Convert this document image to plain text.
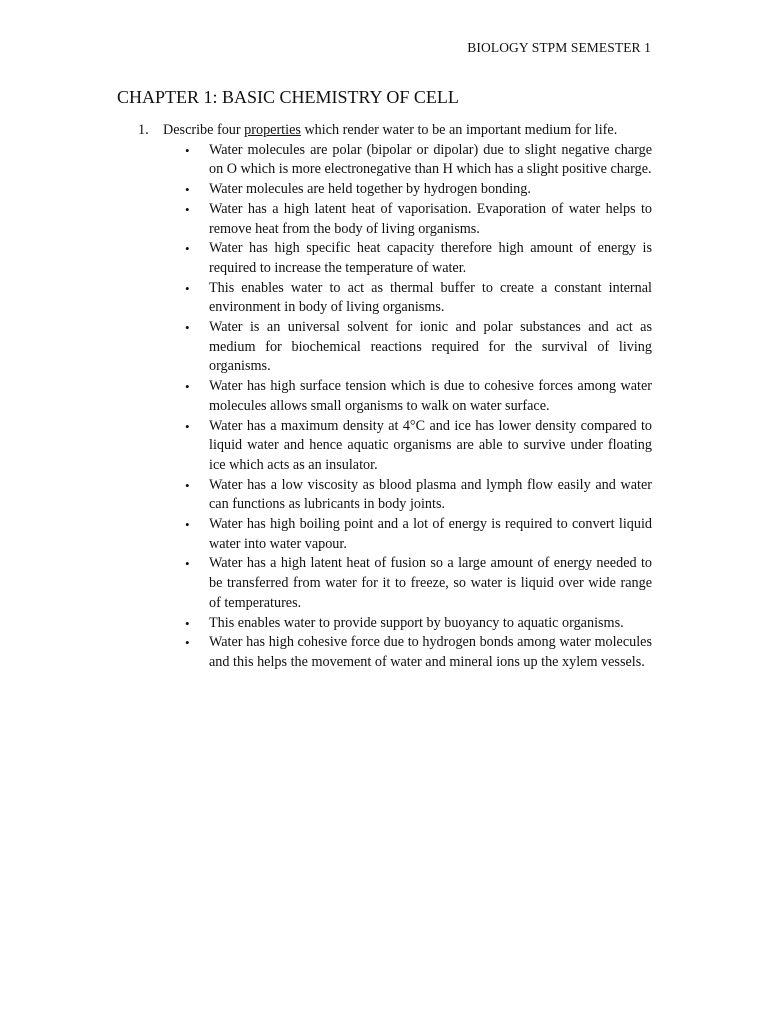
BIOLOGY STPM SEMESTER 1
CHAPTER 1: BASIC CHEMISTRY OF CELL
1.	Describe four properties which render water to be an important medium for life.
• Water molecules are polar (bipolar or dipolar) due to slight negative charge on O which is more electronegative than H which has a slight positive charge.
• Water molecules are held together by hydrogen bonding.
• Water has a high latent heat of vaporisation. Evaporation of water helps to remove heat from the body of living organisms.
• Water has high specific heat capacity therefore high amount of energy is required to increase the temperature of water.
• This enables water to act as thermal buffer to create a constant internal environment in body of living organisms.
• Water is an universal solvent for ionic and polar substances and act as medium for biochemical reactions required for the survival of living organisms.
• Water has high surface tension which is due to cohesive forces among water molecules allows small organisms to walk on water surface.
• Water has a maximum density at 4°C and ice has lower density compared to liquid water and hence aquatic organisms are able to survive under floating ice which acts as an insulator.
• Water has a low viscosity as blood plasma and lymph flow easily and water can functions as lubricants in body joints.
• Water has high boiling point and a lot of energy is required to convert liquid water into water vapour.
• Water has a high latent heat of fusion so a large amount of energy needed to be transferred from water for it to freeze, so water is liquid over wide range of temperatures.
• This enables water to provide support by buoyancy to aquatic organisms.
• Water has high cohesive force due to hydrogen bonds among water molecules and this helps the movement of water and mineral ions up the xylem vessels.
